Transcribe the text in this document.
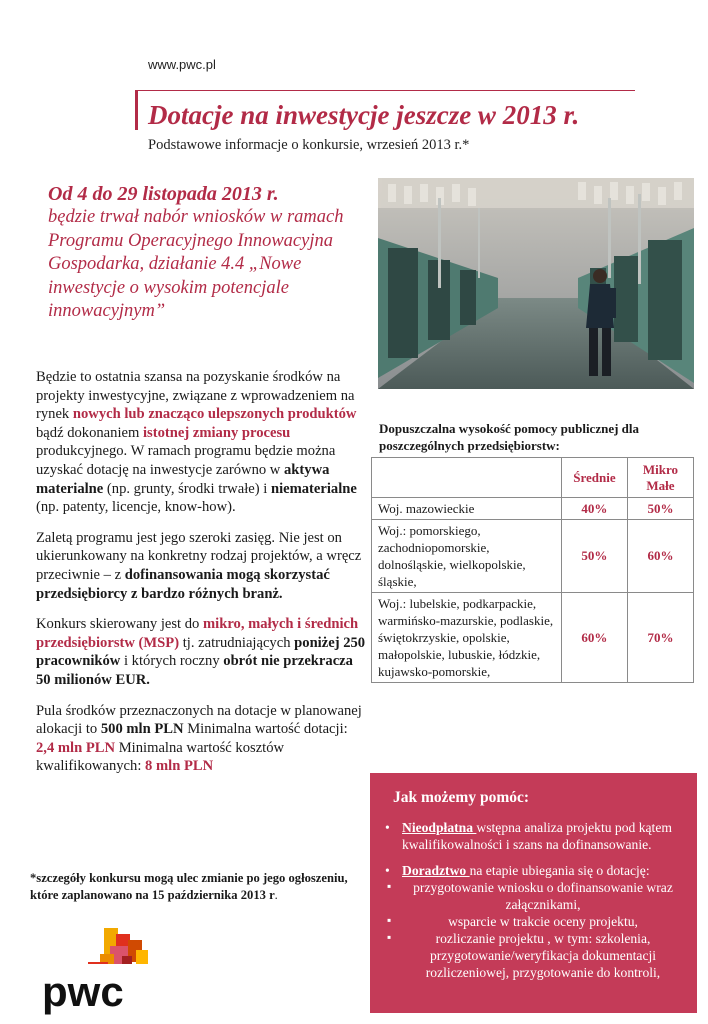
www.pwc.pl
Dotacje na inwestycje jeszcze w 2013 r.
Podstawowe informacje o konkursie, wrzesień 2013 r.*
Od 4 do 29 listopada 2013 r.
będzie trwał nabór wniosków w ramach Programu Operacyjnego Innowacyjna Gospodarka, działanie 4.4 „Nowe inwestycje o wysokim potencjale innowacyjnym”

Będzie to ostatnia szansa na pozyskanie środków na projekty inwestycyjne, związane z wprowadzeniem na rynek nowych lub znacząco ulepszonych produktów bądź dokonaniem istotnej zmiany procesu produkcyjnego. W ramach programu będzie można uzyskać dotację na inwestycje zarówno w aktywa materialne (np. grunty, środki trwałe) i niematerialne (np. patenty, licencje, know-how).

Zaletą programu jest jego szeroki zasięg. Nie jest on ukierunkowany na konkretny rodzaj projektów, a wręcz przeciwnie – z dofinansowania mogą skorzystać przedsiębiorcy z bardzo różnych branż.

Konkurs skierowany jest do mikro, małych i średnich przedsiębiorstw (MSP) tj. zatrudniających poniżej 250 pracowników i których roczny obrót nie przekracza 50 milionów EUR.

Pula środków przeznaczonych na dotacje w planowanej alokacji to 500 mln PLN Minimalna wartość dotacji: 2,4 mln PLN Minimalna wartość kosztów kwalifikowanych: 8 mln PLN

*szczegóły konkursu mogą ulec zmianie po jego ogłoszeniu, które zaplanowano na 15 października 2013 r.
pwc
Dopuszczalna wysokość pomocy publicznej dla poszczególnych przedsiębiorstw:
	Średnie	Mikro Małe
Woj. mazowieckie	40%	50%
Woj.: pomorskiego, zachodniopomorskie, dolnośląskie, wielkopolskie, śląskie,	50%	60%
Woj.: lubelskie, podkarpackie, warmińsko-mazurskie, podlaskie, świętokrzyskie, opolskie, małopolskie, lubuskie, łódzkie, kujawsko-pomorskie,	60%	70%
Jak możemy pomóc:
• Nieodpłatna wstępna analiza projektu pod kątem kwalifikowalności i szans na dofinansowanie.
• Doradztwo na etapie ubiegania się o dotację:
▪ przygotowanie wniosku o dofinansowanie wraz załącznikami,
▪	wsparcie w trakcie oceny projektu,
▪	rozliczanie projektu , w tym: szkolenia, przygotowanie/weryfikacja dokumentacji rozliczeniowej, przygotowanie do kontroli,
